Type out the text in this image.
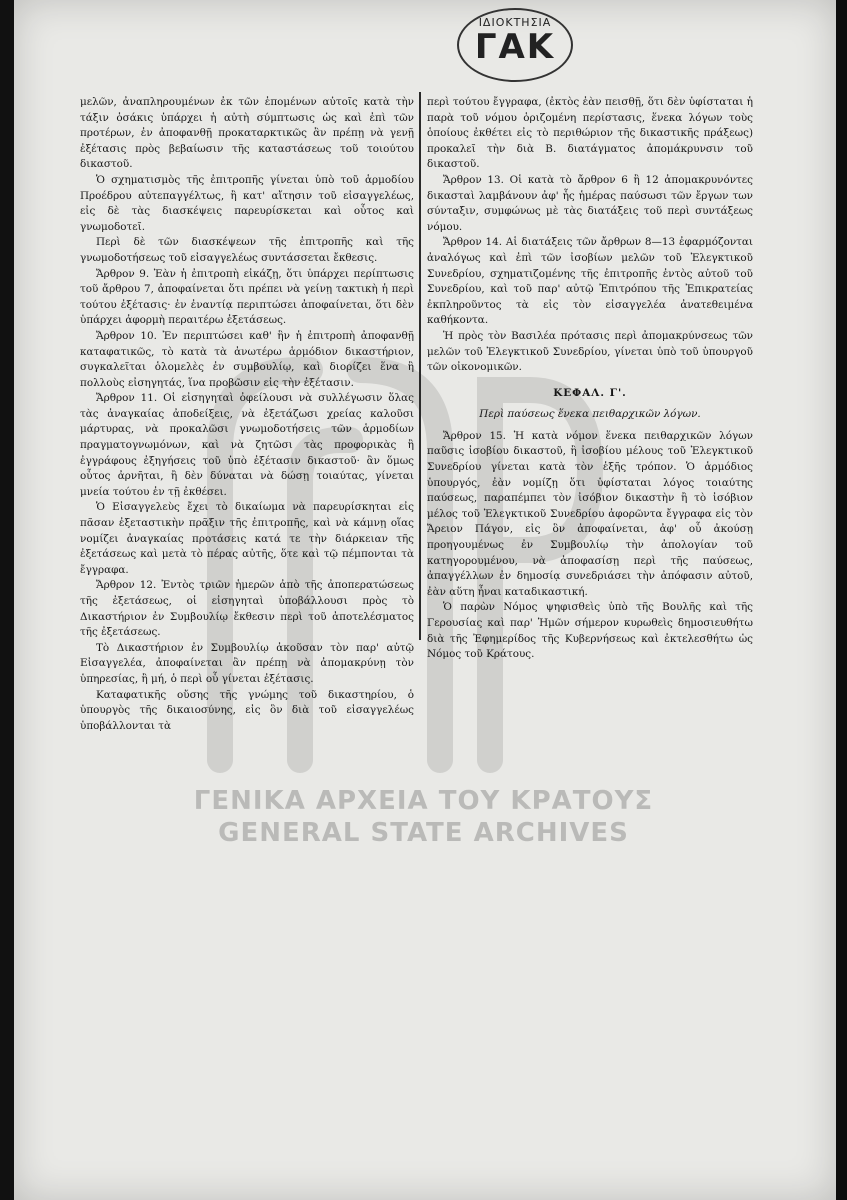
ΙΔΙΟΚΤΗΣΙΑ
ΓΑΚ
ΓΕΝΙΚΑ ΑΡΧΕΙΑ ΤΟΥ ΚΡΑΤΟΥΣ
GENERAL STATE ARCHIVES

μελῶν, ἀναπληρουμένων ἐκ τῶν ἑπομένων αὐτοῖς κατὰ τὴν τάξιν ὁσάκις ὑπάρχει ἡ αὐτὴ σύμπτωσις ὡς καὶ ἐπὶ τῶν προτέρων, ἐν ἀποφανθῇ προκαταρκτικῶς ἂν πρέπῃ νὰ γενῇ ἐξέτασις πρὸς βεβαίωσιν τῆς καταστάσεως τοῦ τοιούτου δικαστοῦ.

Ὁ σχηματισμὸς τῆς ἐπιτροπῆς γίνεται ὑπὸ τοῦ ἁρμοδίου Προέδρου αὐτεπαγγέλτως, ἢ κατ' αἴτησιν τοῦ εἰσαγγελέως, εἰς δὲ τὰς διασκέψεις παρευρίσκεται καὶ οὗτος καὶ γνωμοδοτεῖ.

Περὶ δὲ τῶν διασκέψεων τῆς ἐπιτροπῆς καὶ τῆς γνωμοδοτήσεως τοῦ εἰσαγγελέως συντάσσεται ἔκθεσις.

Ἄρθρον 9. Ἐὰν ἡ ἐπιτροπὴ εἰκάζῃ, ὅτι ὑπάρχει περίπτωσις τοῦ ἄρθρου 7, ἀποφαίνεται ὅτι πρέπει νὰ γείνῃ τακτικὴ ἡ περὶ τούτου ἐξέτασις· ἐν ἐναντίᾳ περιπτώσει ἀποφαίνεται, ὅτι δὲν ὑπάρχει ἀφορμὴ περαιτέρω ἐξετάσεως.

Ἄρθρον 10. Ἐν περιπτώσει καθ' ἣν ἡ ἐπιτροπὴ ἀποφανθῇ καταφατικῶς, τὸ κατὰ τὰ ἀνωτέρω ἁρμόδιον δικαστήριον, συγκαλεῖται ὁλομελὲς ἐν συμβουλίῳ, καὶ διορίζει ἕνα ἢ πολλοὺς εἰσηγητάς, ἵνα προβῶσιν εἰς τὴν ἐξέτασιν.

Ἄρθρον 11. Οἱ εἰσηγηταὶ ὀφείλουσι νὰ συλλέγωσιν ὅλας τὰς ἀναγκαίας ἀποδείξεις, νὰ ἐξετάζωσι χρείας καλοῦσι μάρτυρας, νὰ προκαλῶσι γνωμοδοτήσεις τῶν ἁρμοδίων πραγματογνωμόνων, καὶ νὰ ζητῶσι τὰς προφορικὰς ἢ ἐγγράφους ἐξηγήσεις τοῦ ὑπὸ ἐξέτασιν δικαστοῦ· ἂν ὅμως οὗτος ἀρνῆται, ἢ δὲν δύναται νὰ δώσῃ τοιαύτας, γίνεται μνεία τούτου ἐν τῇ ἐκθέσει.

Ὁ Εἰσαγγελεὺς ἔχει τὸ δικαίωμα νὰ παρευρίσκηται εἰς πᾶσαν ἐξεταστικὴν πρᾶξιν τῆς ἐπιτροπῆς, καὶ νὰ κάμνῃ οἵας νομίζει ἀναγκαίας προτάσεις κατά τε τὴν διάρκειαν τῆς ἐξετάσεως καὶ μετὰ τὸ πέρας αὐτῆς, ὅτε καὶ τῷ πέμπονται τὰ ἔγγραφα.

Ἄρθρον 12. Ἐντὸς τριῶν ἡμερῶν ἀπὸ τῆς ἀποπερατώσεως τῆς ἐξετάσεως, οἱ εἰσηγηταὶ ὑποβάλλουσι πρὸς τὸ Δικαστήριον ἐν Συμβουλίῳ ἔκθεσιν περὶ τοῦ ἀποτελέσματος τῆς ἐξετάσεως.

Τὸ Δικαστήριον ἐν Συμβουλίῳ ἀκοῦσαν τὸν παρ' αὐτῷ Εἰσαγγελέα, ἀποφαίνεται ἂν πρέπῃ νὰ ἀπομακρύνῃ τὸν ὑπηρεσίας, ἢ μή, ὁ περὶ οὗ γίνεται ἐξέτασις.

Καταφατικῆς οὔσης τῆς γνώμης τοῦ δικαστηρίου, ὁ ὑπουργὸς τῆς δικαιοσύνης, εἰς ὃν διὰ τοῦ εἰσαγγελέως ὑποβάλλονται τὰ

περὶ τούτου ἔγγραφα, (ἐκτὸς ἐὰν πεισθῇ, ὅτι δὲν ὑφίσταται ἡ παρὰ τοῦ νόμου ὁριζομένη περίστασις, ἕνεκα λόγων τοὺς ὁποίους ἐκθέτει εἰς τὸ περιθώριον τῆς δικαστικῆς πράξεως) προκαλεῖ τὴν διὰ Β. διατάγματος ἀπομάκρυνσιν τοῦ δικαστοῦ.

Ἄρθρον 13. Οἱ κατὰ τὸ ἄρθρον 6 ἢ 12 ἀπομακρυνόντες δικασταὶ λαμβάνουν ἀφ' ἧς ἡμέρας παύσωσι τῶν ἔργων των σύνταξιν, συμφώνως μὲ τὰς διατάξεις τοῦ περὶ συντάξεως νόμου.

Ἄρθρον 14. Αἱ διατάξεις τῶν ἄρθρων 8—13 ἐφαρμόζονται ἀναλόγως καὶ ἐπὶ τῶν ἰσοβίων μελῶν τοῦ Ἐλεγκτικοῦ Συνεδρίου, σχηματιζομένης τῆς ἐπιτροπῆς ἐντὸς αὐτοῦ τοῦ Συνεδρίου, καὶ τοῦ παρ' αὐτῷ Ἐπιτρόπου τῆς Ἐπικρατείας ἐκπληροῦντος τὰ εἰς τὸν εἰσαγγελέα ἀνατεθειμένα καθήκοντα.

Ἡ πρὸς τὸν Βασιλέα πρότασις περὶ ἀπομακρύνσεως τῶν μελῶν τοῦ Ἐλεγκτικοῦ Συνεδρίου, γίνεται ὑπὸ τοῦ ὑπουργοῦ τῶν οἰκονομικῶν.

ΚΕΦΑΛ. Γ'.

Περὶ παύσεως ἕνεκα πειθαρχικῶν λόγων.

Ἄρθρον 15. Ἡ κατὰ νόμον ἕνεκα πειθαρχικῶν λόγων παῦσις ἰσοβίου δικαστοῦ, ἢ ἰσοβίου μέλους τοῦ Ἐλεγκτικοῦ Συνεδρίου γίνεται κατὰ τὸν ἑξῆς τρόπον. Ὁ ἁρμόδιος ὑπουργός, ἐὰν νομίζῃ ὅτι ὑφίσταται λόγος τοιαύτης παύσεως, παραπέμπει τὸν ἰσόβιον δικαστὴν ἢ τὸ ἰσόβιον μέλος τοῦ Ἐλεγκτικοῦ Συνεδρίου ἀφορῶντα ἔγγραφα εἰς τὸν Ἄρειον Πάγον, εἰς ὃν ἀποφαίνεται, ἀφ' οὗ ἀκούσῃ προηγουμένως ἐν Συμβουλίῳ τὴν ἀπολογίαν τοῦ κατηγορουμένου, νὰ ἀποφασίσῃ περὶ τῆς παύσεως, ἀπαγγέλλων ἐν δημοσίᾳ συνεδριάσει τὴν ἀπόφασιν αὐτοῦ, ἐὰν αὕτη ἦναι καταδικαστική.

Ὁ παρὼν Νόμος ψηφισθεὶς ὑπὸ τῆς Βουλῆς καὶ τῆς Γερουσίας καὶ παρ' Ἡμῶν σήμερον κυρωθεὶς δημοσιευθήτω διὰ τῆς Ἐφημερίδος τῆς Κυβερνήσεως καὶ ἐκτελεσθήτω ὡς Νόμος τοῦ Κράτους.
